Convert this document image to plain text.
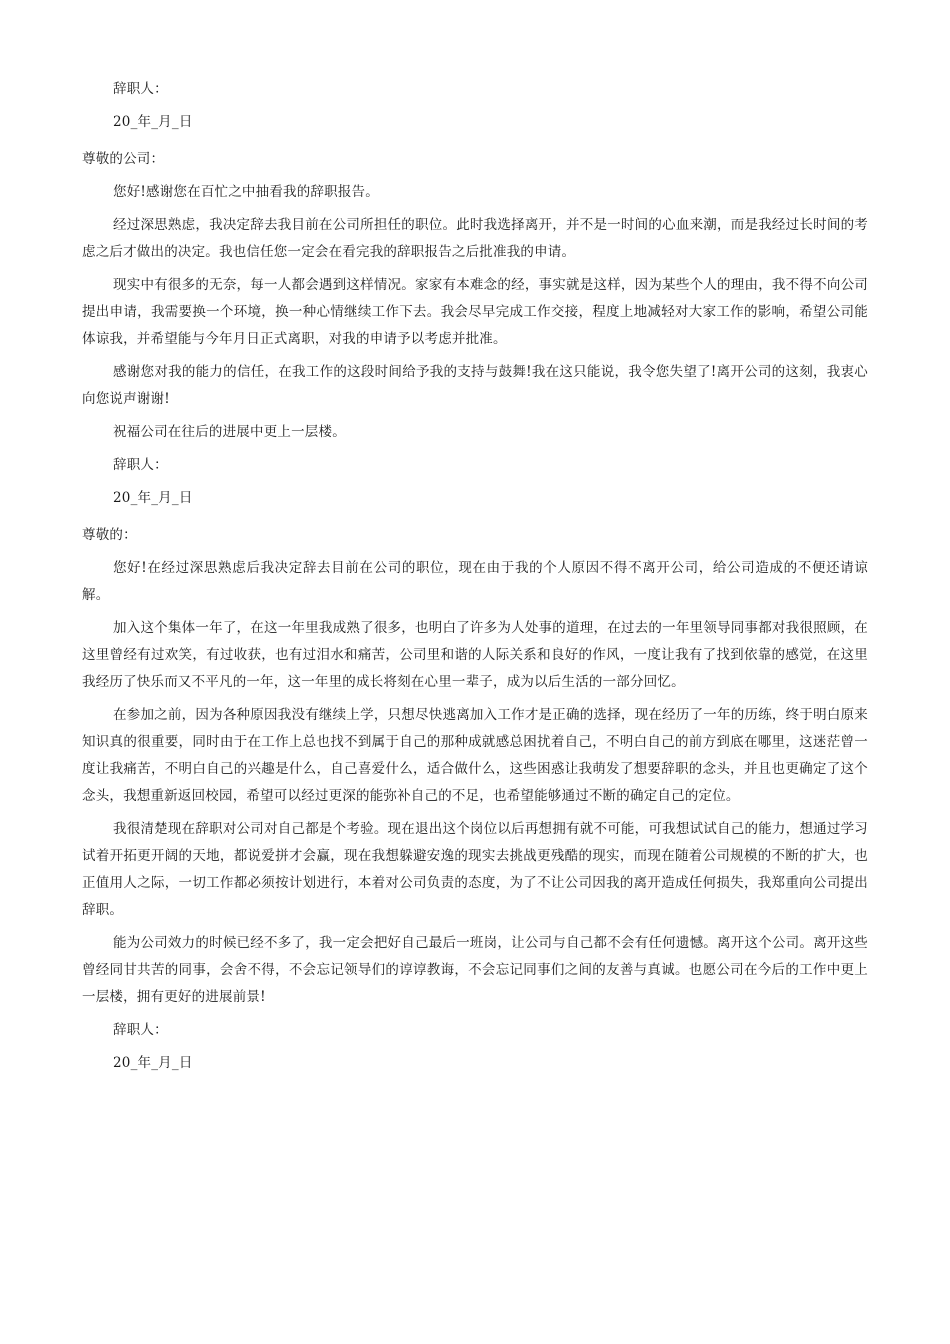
辞职人：

20_年_月_日

尊敬的公司：

您好!感谢您在百忙之中抽看我的辞职报告。

经过深思熟虑，我决定辞去我目前在公司所担任的职位。此时我选择离开，并不是一时间的心血来潮，而是我经过长时间的考虑之后才做出的决定。我也信任您一定会在看完我的辞职报告之后批准我的申请。

现实中有很多的无奈，每一人都会遇到这样情况。家家有本难念的经，事实就是这样，因为某些个人的理由，我不得不向公司提出申请，我需要换一个环境，换一种心情继续工作下去。我会尽早完成工作交接，程度上地减轻对大家工作的影响，希望公司能体谅我，并希望能与今年月日正式离职，对我的申请予以考虑并批准。

感谢您对我的能力的信任，在我工作的这段时间给予我的支持与鼓舞!我在这只能说，我令您失望了!离开公司的这刻，我衷心向您说声谢谢!

祝福公司在往后的进展中更上一层楼。

辞职人：

20_年_月_日

尊敬的：

您好!在经过深思熟虑后我决定辞去目前在公司的职位，现在由于我的个人原因不得不离开公司，给公司造成的不便还请谅解。

加入这个集体一年了，在这一年里我成熟了很多，也明白了许多为人处事的道理，在过去的一年里领导同事都对我很照顾，在这里曾经有过欢笑，有过收获，也有过泪水和痛苦，公司里和谐的人际关系和良好的作风，一度让我有了找到依靠的感觉，在这里我经历了快乐而又不平凡的一年，这一年里的成长将刻在心里一辈子，成为以后生活的一部分回忆。

在参加之前，因为各种原因我没有继续上学，只想尽快逃离加入工作才是正确的选择，现在经历了一年的历练，终于明白原来知识真的很重要，同时由于在工作上总也找不到属于自己的那种成就感总困扰着自己，不明白自己的前方到底在哪里，这迷茫曾一度让我痛苦，不明白自己的兴趣是什么，自己喜爱什么，适合做什么，这些困惑让我萌发了想要辞职的念头，并且也更确定了这个念头，我想重新返回校园，希望可以经过更深的能弥补自己的不足，也希望能够通过不断的确定自己的定位。

我很清楚现在辞职对公司对自己都是个考验。现在退出这个岗位以后再想拥有就不可能，可我想试试自己的能力，想通过学习试着开拓更开阔的天地，都说爱拼才会赢，现在我想躲避安逸的现实去挑战更残酷的现实，而现在随着公司规模的不断的扩大，也正值用人之际，一切工作都必须按计划进行，本着对公司负责的态度，为了不让公司因我的离开造成任何损失，我郑重向公司提出辞职。

能为公司效力的时候已经不多了，我一定会把好自己最后一班岗，让公司与自己都不会有任何遗憾。离开这个公司。离开这些曾经同甘共苦的同事，会舍不得，不会忘记领导们的谆谆教诲，不会忘记同事们之间的友善与真诚。也愿公司在今后的工作中更上一层楼，拥有更好的进展前景!

辞职人：

20_年_月_日
